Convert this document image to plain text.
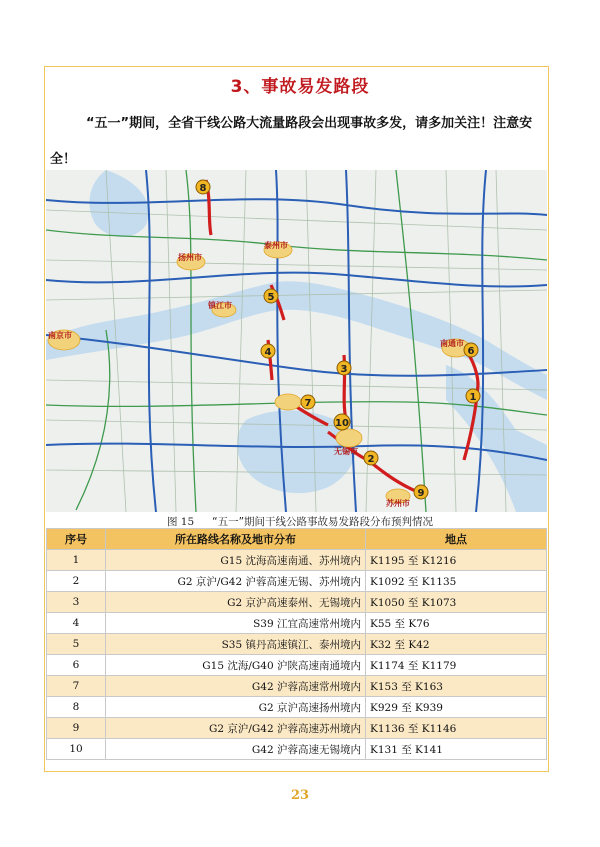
3、事故易发路段
“五一”期间，全省干线公路大流量路段会出现事故多发，请多加关注！注意安全！
南京市
扬州市
泰州市
镇江市
南通市
苏州市
无锡市
1
2
3
4
5
6
7
8
9
10
图 15 “五一”期间干线公路事故易发路段分布预判情况
序号	所在路线名称及地市分布	地点
1	G15 沈海高速南通、苏州境内	K1195 至 K1216
2	G2 京沪/G42 沪蓉高速无锡、苏州境内	K1092 至 K1135
3	G2 京沪高速泰州、无锡境内	K1050 至 K1073
4	S39 江宜高速常州境内	K55 至 K76
5	S35 镇丹高速镇江、泰州境内	K32 至 K42
6	G15 沈海/G40 沪陕高速南通境内	K1174 至 K1179
7	G42 沪蓉高速常州境内	K153 至 K163
8	G2 京沪高速扬州境内	K929 至 K939
9	G2 京沪/G42 沪蓉高速苏州境内	K1136 至 K1146
10	G42 沪蓉高速无锡境内	K131 至 K141
23
